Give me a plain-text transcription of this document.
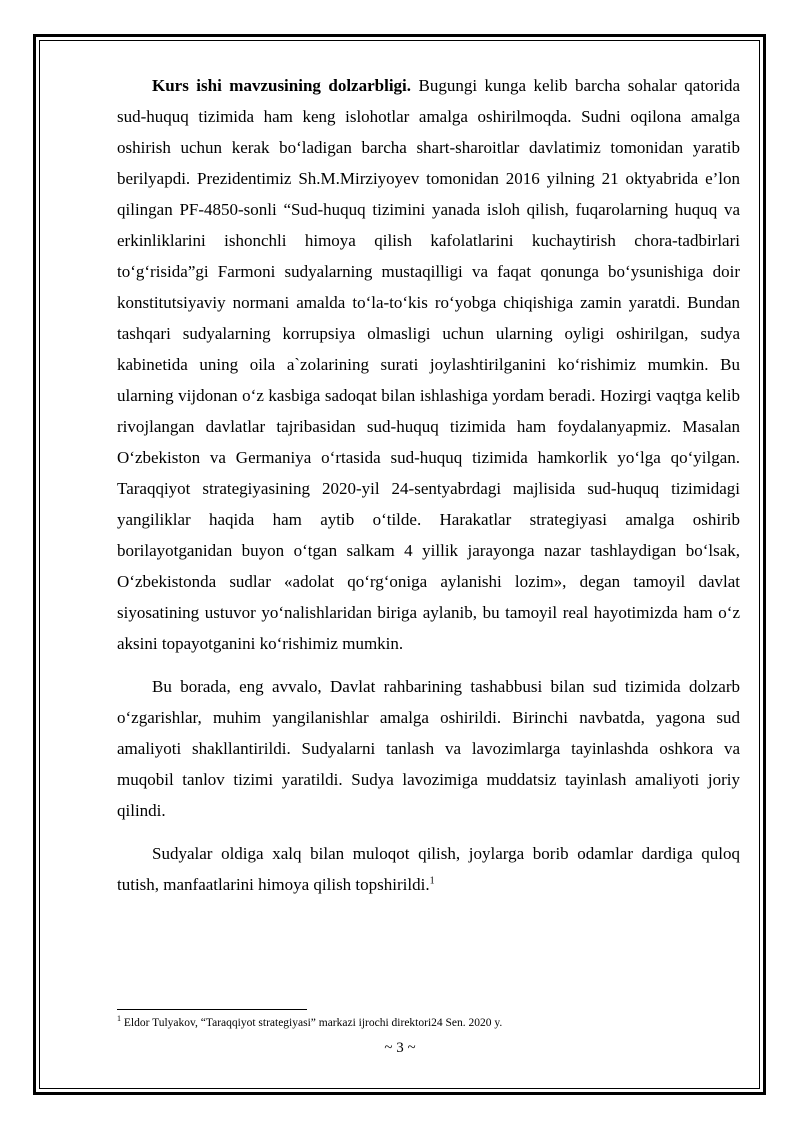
Kurs ishi mavzusining dolzarbligi. Bugungi kunga kelib barcha sohalar qatorida sud-huquq tizimida ham keng islohotlar amalga oshirilmoqda. Sudni oqilona amalga oshirish uchun kerak bo‘ladigan barcha shart-sharoitlar davlatimiz tomonidan yaratib berilyapdi. Prezidentimiz Sh.M.Mirziyoyev tomonidan 2016 yilning 21 oktyabrida e’lon qilingan PF-4850-sonli “Sud-huquq tizimini yanada isloh qilish, fuqarolarning huquq va erkinliklarini ishonchli himoya qilish kafolatlarini kuchaytirish chora-tadbirlari to‘g‘risida”gi Farmoni sudyalarning mustaqilligi va faqat qonunga bo‘ysunishiga doir konstitutsiyaviy normani amalda to‘la-to‘kis ro‘yobga chiqishiga zamin yaratdi. Bundan tashqari sudyalarning korrupsiya olmasligi uchun ularning oyligi oshirilgan, sudya kabinetida uning oila a`zolarining surati joylashtirilganini ko‘rishimiz mumkin. Bu ularning vijdonan o‘z kasbiga sadoqat bilan ishlashiga yordam beradi. Hozirgi vaqtga kelib rivojlangan davlatlar tajribasidan sud-huquq tizimida ham foydalanyapmiz. Masalan O‘zbekiston va Germaniya o‘rtasida sud-huquq tizimida hamkorlik yo‘lga qo‘yilgan. Taraqqiyot strategiyasining 2020-yil 24-sentyabrdagi majlisida sud-huquq tizimidagi yangiliklar haqida ham aytib o‘tilde. Harakatlar strategiyasi amalga oshirib borilayotganidan buyon o‘tgan salkam 4 yillik jarayonga nazar tashlaydigan bo‘lsak, O‘zbekistonda sudlar «adolat qo‘rg‘oniga aylanishi lozim», degan tamoyil davlat siyosatining ustuvor yo‘nalishlaridan biriga aylanib, bu tamoyil real hayotimizda ham o‘z aksini topayotganini ko‘rishimiz mumkin.

Bu borada, eng avvalo, Davlat rahbarining tashabbusi bilan sud tizimida dolzarb o‘zgarishlar, muhim yangilanishlar amalga oshirildi. Birinchi navbatda, yagona sud amaliyoti shakllantirildi. Sudyalarni tanlash va lavozimlarga tayinlashda oshkora va muqobil tanlov tizimi yaratildi. Sudya lavozimiga muddatsiz tayinlash amaliyoti joriy qilindi.

Sudyalar oldiga xalq bilan muloqot qilish, joylarga borib odamlar dardiga quloq tutish, manfaatlarini himoya qilish topshirildi.$^1$

$^1$ Eldor Tulyakov, “Taraqqiyot strategiyasi” markazi ijrochi direktori24 Sen. 2020 y.
~ 3 ~
